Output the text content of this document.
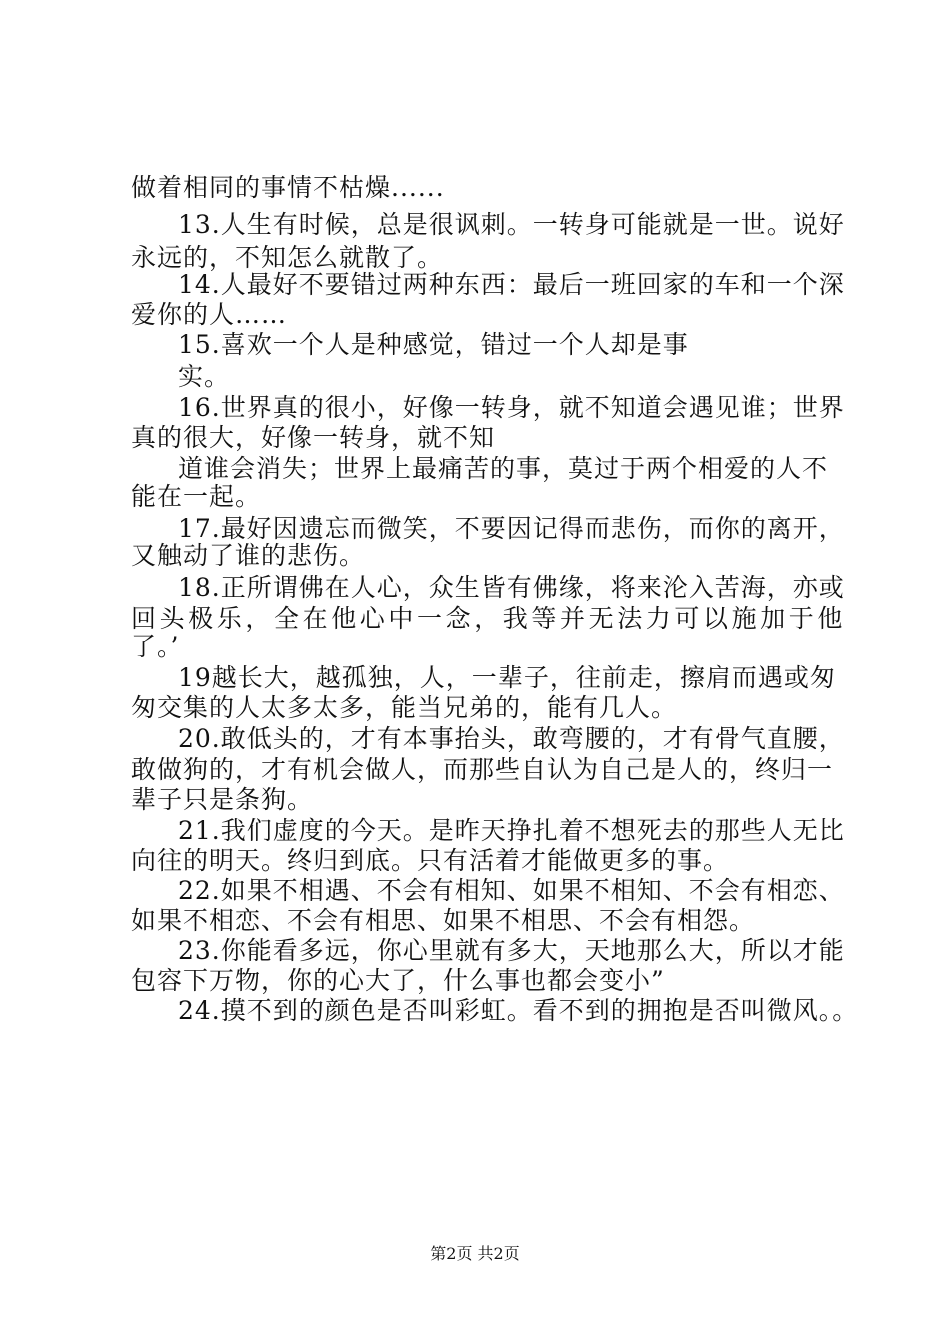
做着相同的事情不枯燥......
13.人生有时候，总是很讽刺。一转身可能就是一世。说好
永远的，不知怎么就散了。
14.人最好不要错过两种东西：最后一班回家的车和一个深
爱你的人……
15.喜欢一个人是种感觉，错过一个人却是事
实。
16.世界真的很小，好像一转身，就不知道会遇见谁；世界
真的很大，好像一转身，就不知
道谁会消失；世界上最痛苦的事，莫过于两个相爱的人不
能在一起。
17.最好因遗忘而微笑，不要因记得而悲伤，而你的离开，
又触动了谁的悲伤。
18.正所谓佛在人心，众生皆有佛缘，将来沦入苦海，亦或
回头极乐，全在他心中一念，我等并无法力可以施加于他
了。’
19越长大，越孤独，人，一辈子，往前走，擦肩而遇或匆
匆交集的人太多太多，能当兄弟的，能有几人。
20.敢低头的，才有本事抬头，敢弯腰的，才有骨气直腰，
敢做狗的，才有机会做人，而那些自认为自己是人的，终归一
辈子只是条狗。
21.我们虚度的今天。是昨天挣扎着不想死去的那些人无比
向往的明天。终归到底。只有活着才能做更多的事。
22.如果不相遇、不会有相知、如果不相知、不会有相恋、
如果不相恋、不会有相思、如果不相思、不会有相怨。
23.你能看多远，你心里就有多大，天地那么大，所以才能
包容下万物，你的心大了，什么事也都会变小”
24.摸不到的颜色是否叫彩虹。看不到的拥抱是否叫微风。。
第2页 共2页
